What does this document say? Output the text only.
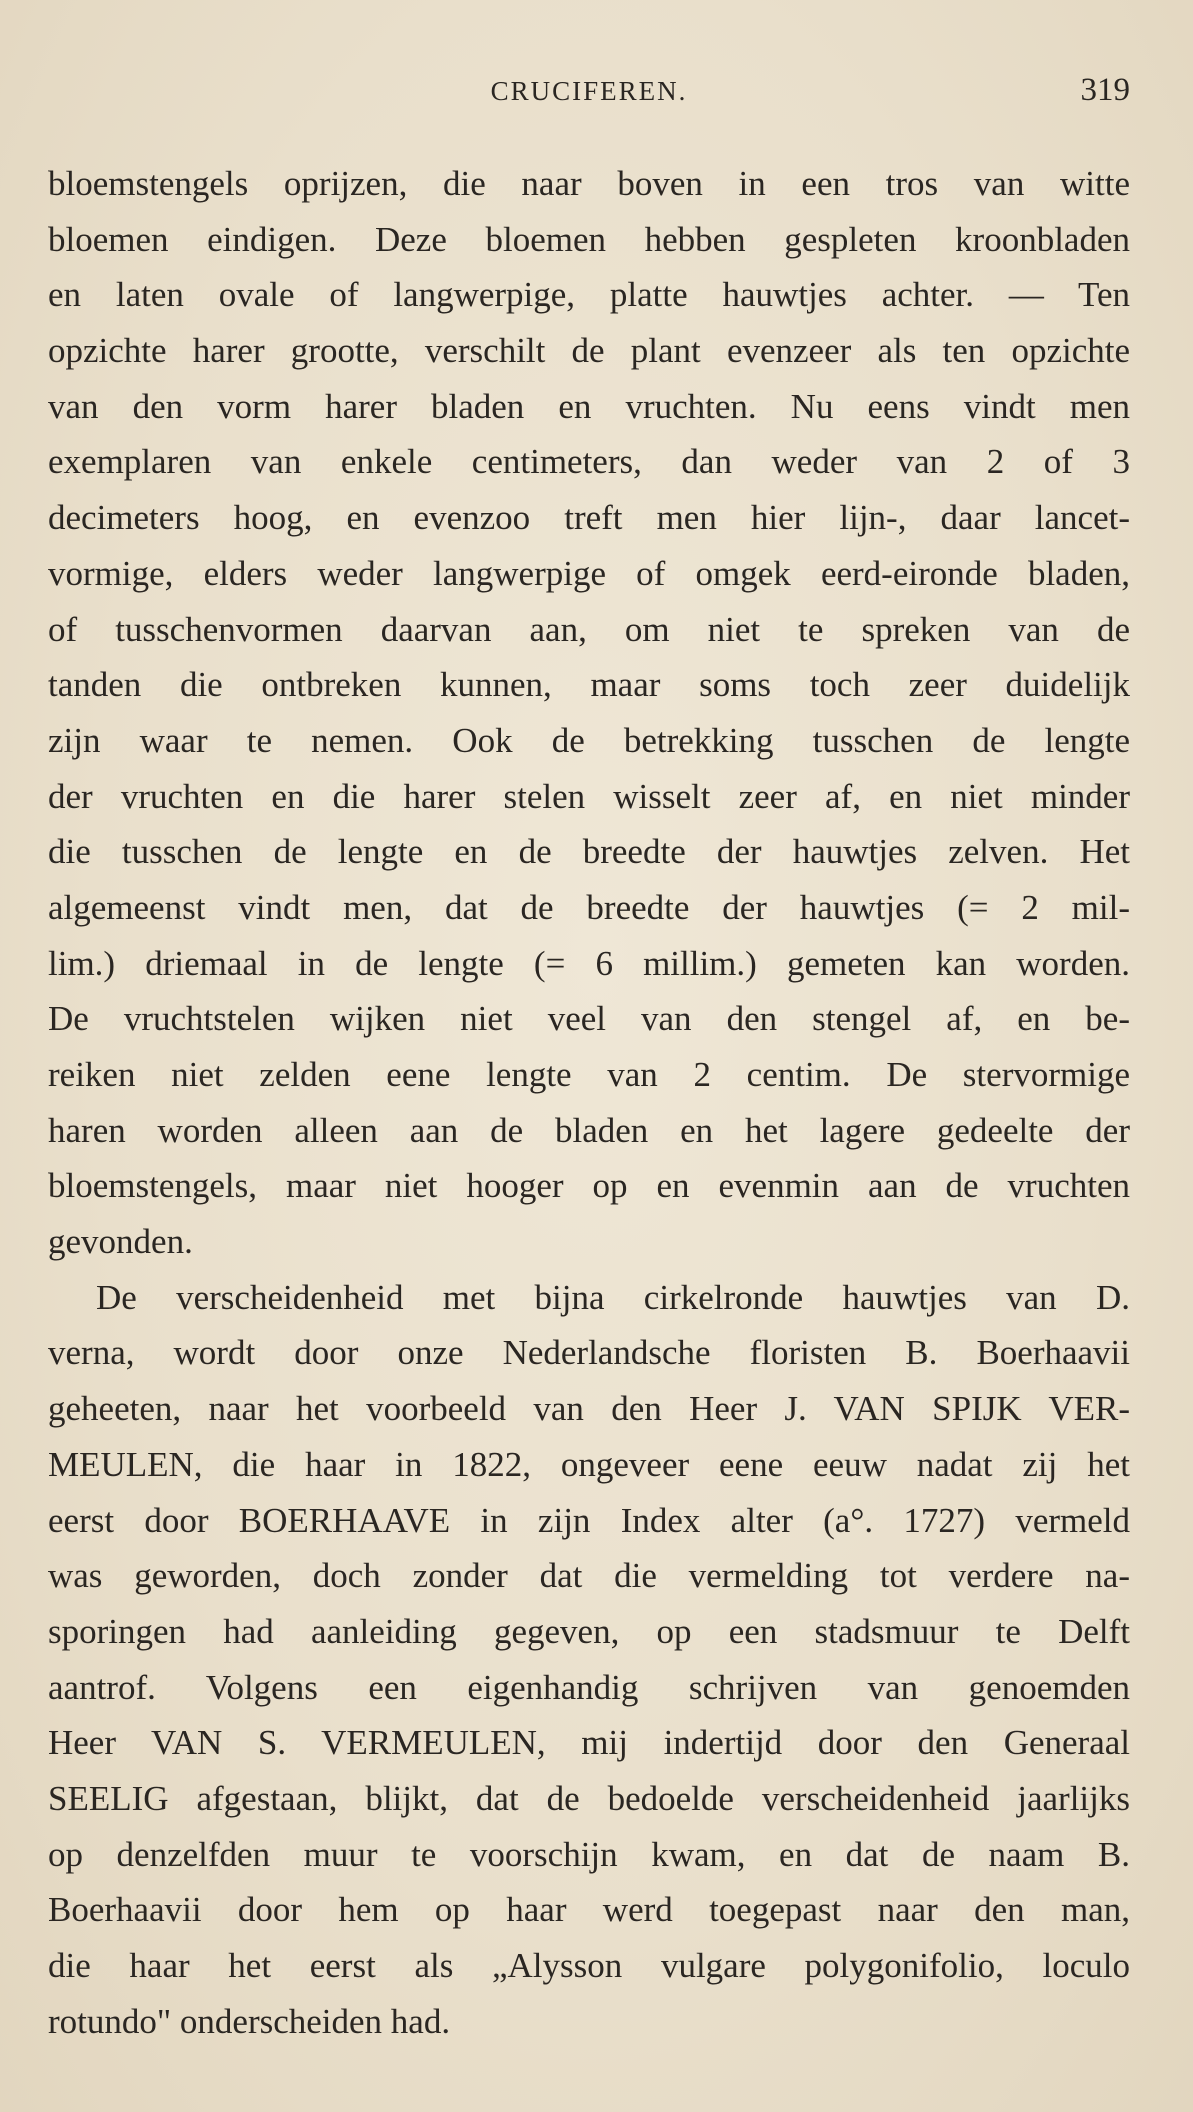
CRUCIFEREN.	319
bloemstengels oprijzen, die naar boven in een tros van witte
bloemen eindigen. Deze bloemen hebben gespleten kroonbladen
en laten ovale of langwerpige, platte hauwtjes achter. — Ten
opzichte harer grootte, verschilt de plant evenzeer als ten opzichte
van den vorm harer bladen en vruchten. Nu eens vindt men
exemplaren van enkele centimeters, dan weder van 2 of 3
decimeters hoog, en evenzoo treft men hier lijn-, daar lancet-
vormige, elders weder langwerpige of omgek eerd-eironde bladen,
of tusschenvormen daarvan aan, om niet te spreken van de
tanden die ontbreken kunnen, maar soms toch zeer duidelijk
zijn waar te nemen. Ook de betrekking tusschen de lengte
der vruchten en die harer stelen wisselt zeer af, en niet minder
die tusschen de lengte en de breedte der hauwtjes zelven. Het
algemeenst vindt men, dat de breedte der hauwtjes (= 2 mil-
lim.) driemaal in de lengte (= 6 millim.) gemeten kan worden.
De vruchtstelen wijken niet veel van den stengel af, en be-
reiken niet zelden eene lengte van 2 centim. De stervormige
haren worden alleen aan de bladen en het lagere gedeelte der
bloemstengels, maar niet hooger op en evenmin aan de vruchten
gevonden.
De verscheidenheid met bijna cirkelronde hauwtjes van D.
verna, wordt door onze Nederlandsche floristen B. Boerhaavii
geheeten, naar het voorbeeld van den Heer J. VAN SPIJK VER-
MEULEN, die haar in 1822, ongeveer eene eeuw nadat zij het
eerst door BOERHAAVE in zijn Index alter (a°. 1727) vermeld
was geworden, doch zonder dat die vermelding tot verdere na-
sporingen had aanleiding gegeven, op een stadsmuur te Delft
aantrof. Volgens een eigenhandig schrijven van genoemden
Heer VAN S. VERMEULEN, mij indertijd door den Generaal
SEELIG afgestaan, blijkt, dat de bedoelde verscheidenheid jaarlijks
op denzelfden muur te voorschijn kwam, en dat de naam B.
Boerhaavii door hem op haar werd toegepast naar den man,
die haar het eerst als „Alysson vulgare polygonifolio, loculo
rotundo" onderscheiden had.
